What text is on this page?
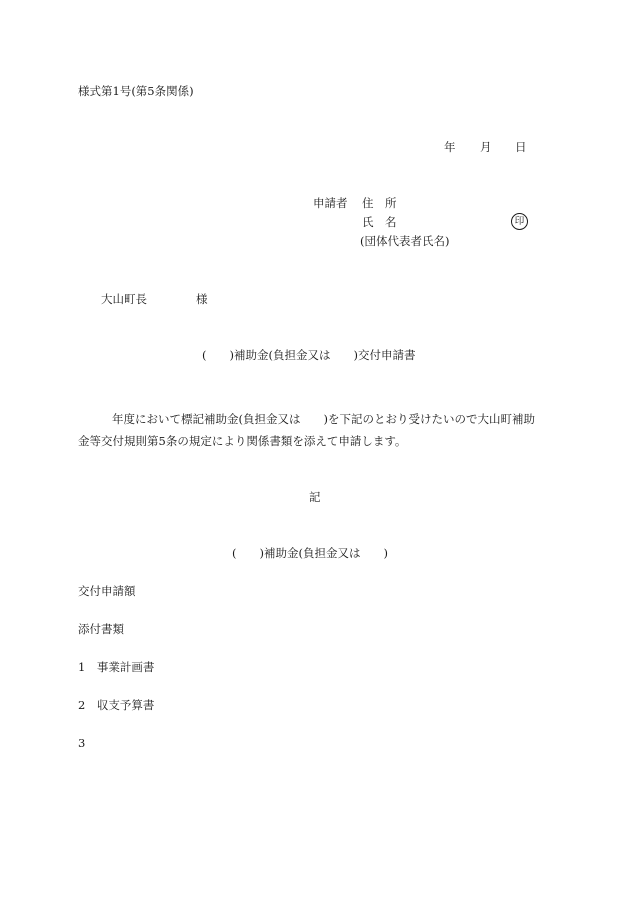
様式第1号(第5条関係)
年 月 日
申請者 住　所
氏　名	印
(団体代表者氏名)
大山町長	様
(　　)補助金(負担金又は　　)交付申請書
年度において標記補助金(負担金又は　　)を下記のとおり受けたいので大山町補助
金等交付規則第5条の規定により関係書類を添えて申請します。
記
(　　)補助金(負担金又は　　)
交付申請額
添付書類
1　事業計画書
2　収支予算書
3
